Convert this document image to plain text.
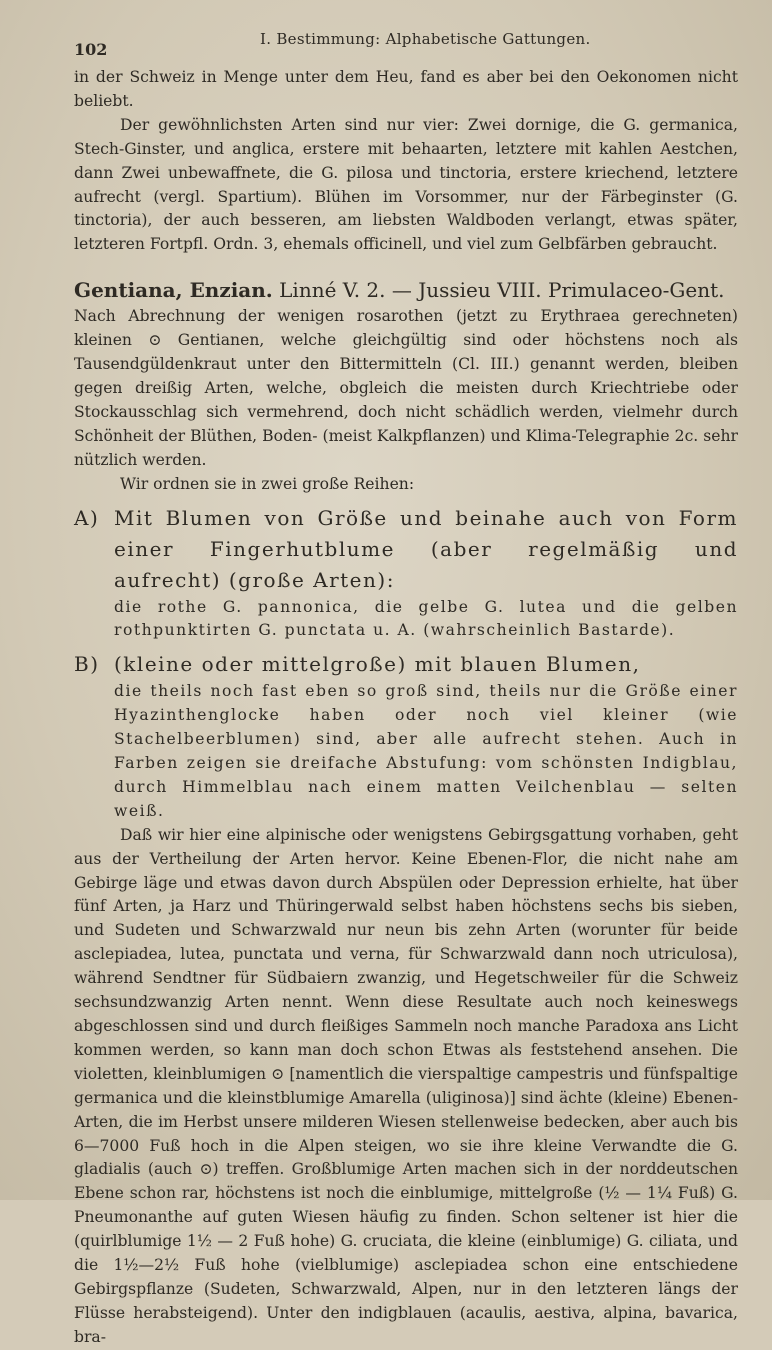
102
I. Bestimmung: Alphabetische Gattungen.

in der Schweiz in Menge unter dem Heu, fand es aber bei den Oekonomen nicht beliebt.

Der gewöhnlichsten Arten sind nur vier: Zwei dornige, die G. germanica, Stech-Ginster, und anglica, erstere mit behaarten, letztere mit kahlen Aestchen, dann Zwei unbewaffnete, die G. pilosa und tinctoria, erstere kriechend, letztere aufrecht (vergl. Spartium). Blühen im Vorsommer, nur der Färbeginster (G. tinctoria), der auch besseren, am liebsten Waldboden verlangt, etwas später, letzteren Fortpfl. Ordn. 3, ehemals officinell, und viel zum Gelbfärben gebraucht.

Gentiana, Enzian. Linné V. 2. — Jussieu VIII. Primulaceo-Gent.

Nach Abrechnung der wenigen rosarothen (jetzt zu Erythraea gerechneten) kleinen ⊙ Gentianen, welche gleichgültig sind oder höchstens noch als Tausendgüldenkraut unter den Bittermitteln (Cl. III.) genannt werden, bleiben gegen dreißig Arten, welche, obgleich die meisten durch Kriechtriebe oder Stockausschlag sich vermehrend, doch nicht schädlich werden, vielmehr durch Schönheit der Blüthen, Boden- (meist Kalkpflanzen) und Klima-Telegraphie 2c. sehr nützlich werden.

Wir ordnen sie in zwei große Reihen:

A) Mit Blumen von Größe und beinahe auch von Form einer Fingerhutblume (aber regelmäßig und aufrecht) (große Arten):

die rothe G. pannonica, die gelbe G. lutea und die gelben rothpunktirten G. punctata u. A. (wahrscheinlich Bastarde).

B) (kleine oder mittelgroße) mit blauen Blumen,

die theils noch fast eben so groß sind, theils nur die Größe einer Hyazinthenglocke haben oder noch viel kleiner (wie Stachelbeerblumen) sind, aber alle aufrecht stehen. Auch in Farben zeigen sie dreifache Abstufung: vom schönsten Indigblau, durch Himmelblau nach einem matten Veilchenblau — selten weiß.

Daß wir hier eine alpinische oder wenigstens Gebirgsgattung vorhaben, geht aus der Vertheilung der Arten hervor. Keine Ebenen-Flor, die nicht nahe am Gebirge läge und etwas davon durch Abspülen oder Depression erhielte, hat über fünf Arten, ja Harz und Thüringerwald selbst haben höchstens sechs bis sieben, und Sudeten und Schwarzwald nur neun bis zehn Arten (worunter für beide asclepiadea, lutea, punctata und verna, für Schwarzwald dann noch utriculosa), während Sendtner für Südbaiern zwanzig, und Hegetschweiler für die Schweiz sechsundzwanzig Arten nennt. Wenn diese Resultate auch noch keineswegs abgeschlossen sind und durch fleißiges Sammeln noch manche Paradoxa ans Licht kommen werden, so kann man doch schon Etwas als feststehend ansehen. Die violetten, kleinblumigen ⊙ [namentlich die vierspaltige campestris und fünfspaltige germanica und die kleinstblumige Amarella (uliginosa)] sind ächte (kleine) Ebenen-Arten, die im Herbst unsere milderen Wiesen stellenweise bedecken, aber auch bis 6—7000 Fuß hoch in die Alpen steigen, wo sie ihre kleine Verwandte die G. gladialis (auch ⊙) treffen. Großblumige Arten machen sich in der norddeutschen Ebene schon rar, höchstens ist noch die einblumige, mittelgroße (½ — 1¼ Fuß) G. Pneumonanthe auf guten Wiesen häufig zu finden. Schon seltener ist hier die (quirlblumige 1½ — 2 Fuß hohe) G. cruciata, die kleine (einblumige) G. ciliata, und die 1½—2½ Fuß hohe (vielblumige) asclepiadea schon eine entschiedene Gebirgspflanze (Sudeten, Schwarzwald, Alpen, nur in den letzteren längs der Flüsse herabsteigend). Unter den indigblauen (acaulis, aestiva, alpina, bavarica, bra-
